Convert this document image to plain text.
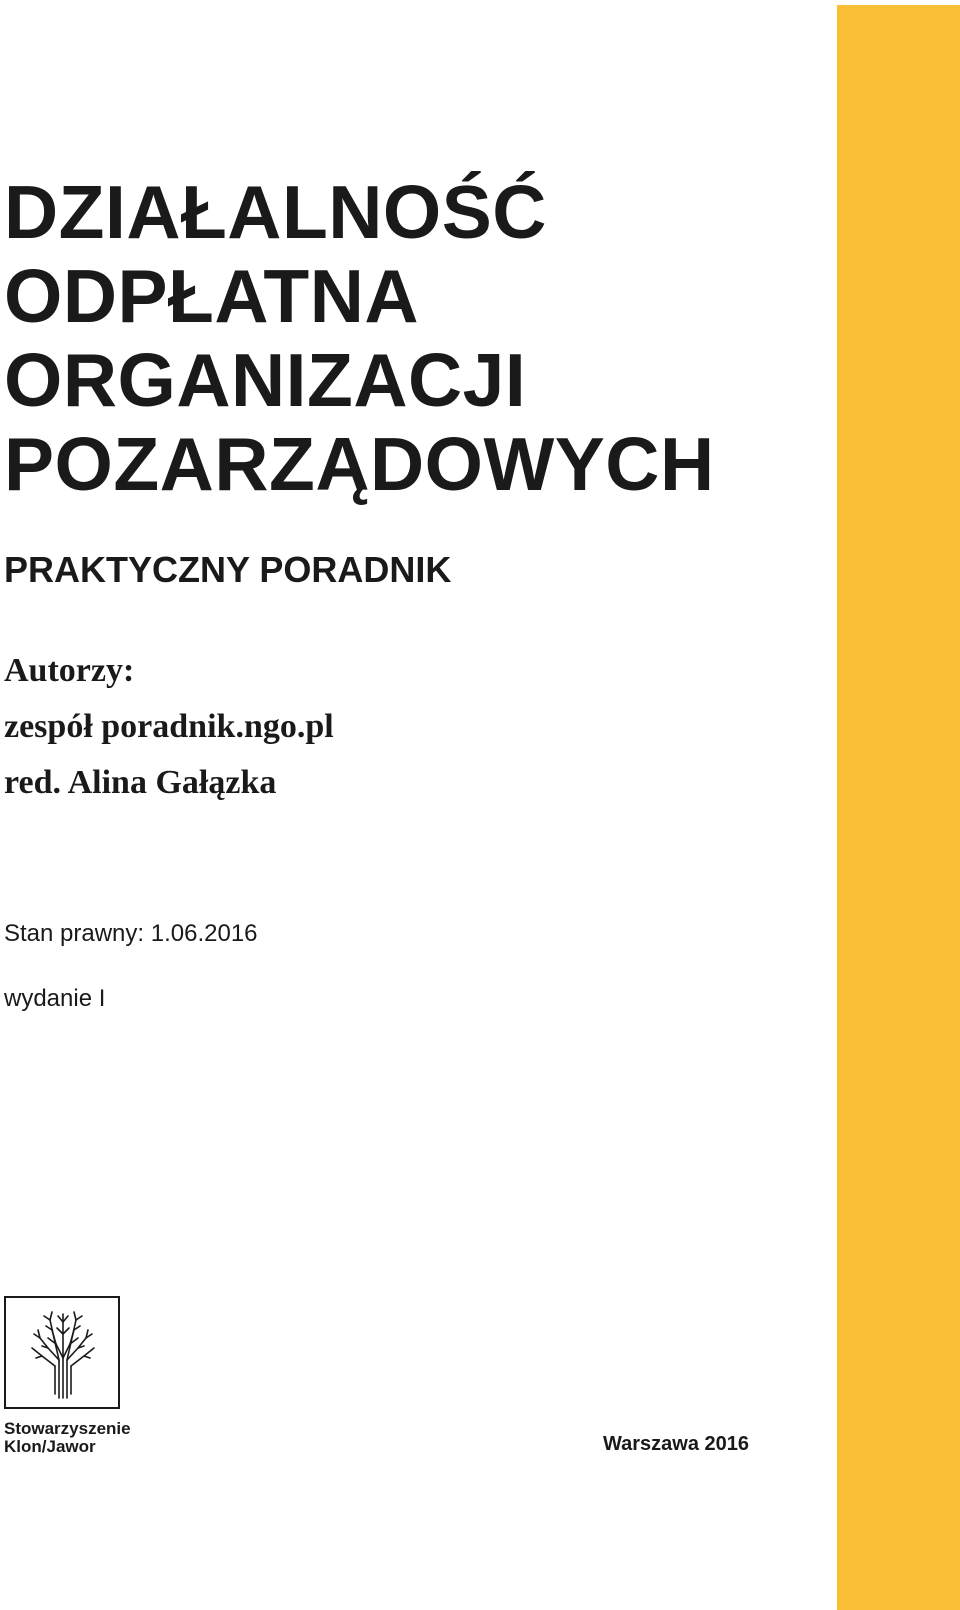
DZIAŁALNOŚĆ
ODPŁATNA
ORGANIZACJI
POZARZĄDOWYCH
PRAKTYCZNY PORADNIK
Autorzy:
zespół poradnik.ngo.pl
red. Alina Gałązka
Stan prawny: 1.06.2016
wydanie I
Stowarzyszenie
Klon/Jawor	Warszawa 2016
